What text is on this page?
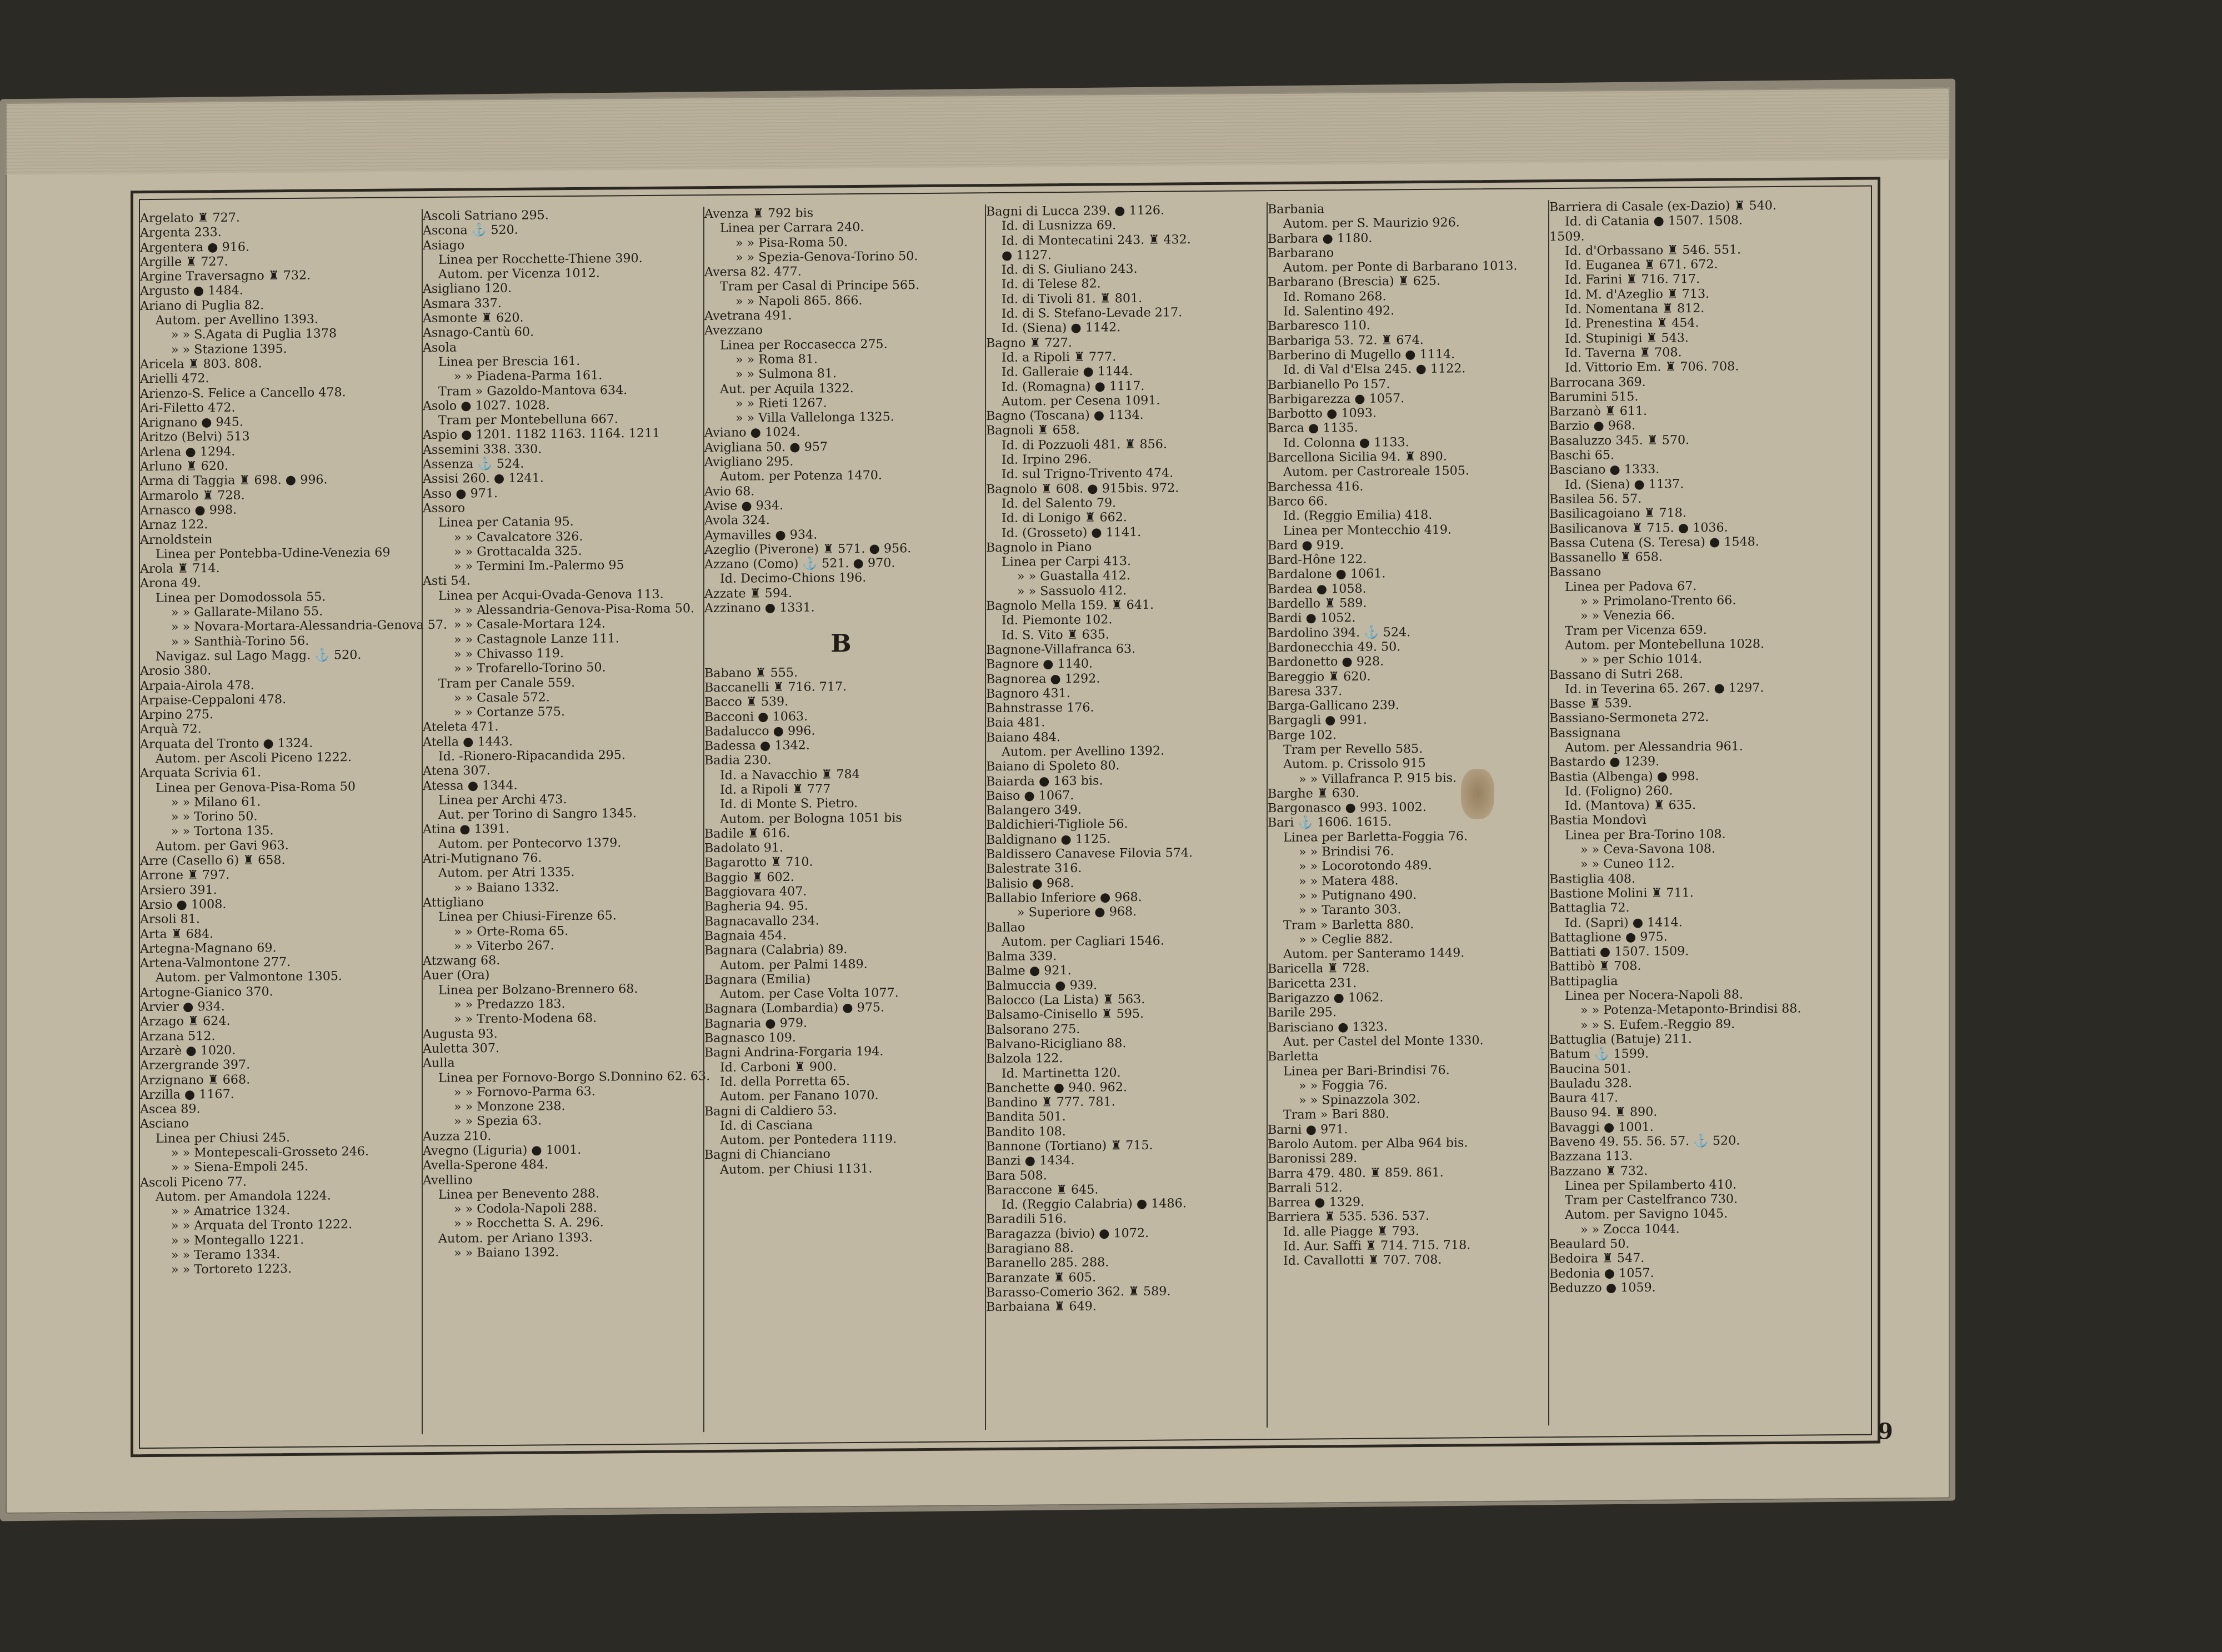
Argelato ♜ 727.
Argenta 233.
Argentera ● 916.
Argille ♜ 727.
Argine Traversagno ♜ 732.
Argusto ● 1484.
Ariano di Puglia 82.
Autom. per Avellino 1393.
» » S.Agata di Puglia 1378
» » Stazione 1395.
Aricela ♜ 803. 808.
Arielli 472.
Arienzo-S. Felice a Cancello 478.
Ari-Filetto 472.
Arignano ● 945.
Aritzo (Belvi) 513
Arlena ● 1294.
Arluno ♜ 620.
Arma di Taggia ♜ 698. ● 996.
Armarolo ♜ 728.
Arnasco ● 998.
Arnaz 122.
Arnoldstein
Linea per Pontebba-Udine-Venezia 69
Arola ♜ 714.
Arona 49.
Linea per Domodossola 55.
» » Gallarate-Milano 55.
» » Novara-Mortara-Alessandria-Genova 57.
» » Santhià-Torino 56.
Navigaz. sul Lago Magg. ⚓ 520.
Arosio 380.
Arpaia-Airola 478.
Arpaise-Ceppaloni 478.
Arpino 275.
Arquà 72.
Arquata del Tronto ● 1324.
Autom. per Ascoli Piceno 1222.
Arquata Scrivia 61.
Linea per Genova-Pisa-Roma 50
» » Milano 61.
» » Torino 50.
» » Tortona 135.
Autom. per Gavi 963.
Arre (Casello 6) ♜ 658.
Arrone ♜ 797.
Arsiero 391.
Arsio ● 1008.
Arsoli 81.
Arta ♜ 684.
Artegna-Magnano 69.
Artena-Valmontone 277.
Autom. per Valmontone 1305.
Artogne-Gianico 370.
Arvier ● 934.
Arzago ♜ 624.
Arzana 512.
Arzarè ● 1020.
Arzergrande 397.
Arzignano ♜ 668.
Arzilla ● 1167.
Ascea 89.
Asciano
Linea per Chiusi 245.
» » Montepescali-Grosseto 246.
» » Siena-Empoli 245.
Ascoli Piceno 77.
Autom. per Amandola 1224.
» » Amatrice 1324.
» » Arquata del Tronto 1222.
» » Montegallo 1221.
» » Teramo 1334.
» » Tortoreto 1223.
Ascoli Satriano 295.
Ascona ⚓ 520.
Asiago
Linea per Rocchette-Thiene 390.
Autom. per Vicenza 1012.
Asigliano 120.
Asmara 337.
Asmonte ♜ 620.
Asnago-Cantù 60.
Asola
Linea per Brescia 161.
» » Piadena-Parma 161.
Tram » Gazoldo-Mantova 634.
Asolo ● 1027. 1028.
Tram per Montebelluna 667.
Aspio ● 1201. 1182 1163. 1164. 1211
Assemini 338. 330.
Assenza ⚓ 524.
Assisi 260. ● 1241.
Asso ● 971.
Assoro
Linea per Catania 95.
» » Cavalcatore 326.
» » Grottacalda 325.
» » Termini Im.-Palermo 95
Asti 54.
Linea per Acqui-Ovada-Genova 113.
» » Alessandria-Genova-Pisa-Roma 50.
» » Casale-Mortara 124.
» » Castagnole Lanze 111.
» » Chivasso 119.
» » Trofarello-Torino 50.
Tram per Canale 559.
» » Casale 572.
» » Cortanze 575.
Ateleta 471.
Atella ● 1443.
Id. -Rionero-Ripacandida 295.
Atena 307.
Atessa ● 1344.
Linea per Archi 473.
Aut. per Torino di Sangro 1345.
Atina ● 1391.
Autom. per Pontecorvo 1379.
Atri-Mutignano 76.
Autom. per Atri 1335.
» » Baiano 1332.
Attigliano
Linea per Chiusi-Firenze 65.
» » Orte-Roma 65.
» » Viterbo 267.
Atzwang 68.
Auer (Ora)
Linea per Bolzano-Brennero 68.
» » Predazzo 183.
» » Trento-Modena 68.
Augusta 93.
Auletta 307.
Aulla
Linea per Fornovo-Borgo S.Donnino 62. 63.
» » Fornovo-Parma 63.
» » Monzone 238.
» » Spezia 63.
Auzza 210.
Avegno (Liguria) ● 1001.
Avella-Sperone 484.
Avellino
Linea per Benevento 288.
» » Codola-Napoli 288.
» » Rocchetta S. A. 296.
Autom. per Ariano 1393.
» » Baiano 1392.
Avenza ♜ 792 bis
Linea per Carrara 240.
» » Pisa-Roma 50.
» » Spezia-Genova-Torino 50.
Aversa 82. 477.
Tram per Casal di Principe 565.
» » Napoli 865. 866.
Avetrana 491.
Avezzano
Linea per Roccasecca 275.
» » Roma 81.
» » Sulmona 81.
Aut. per Aquila 1322.
» » Rieti 1267.
» » Villa Vallelonga 1325.
Aviano ● 1024.
Avigliana 50. ● 957
Avigliano 295.
Autom. per Potenza 1470.
Avio 68.
Avise ● 934.
Avola 324.
Aymavilles ● 934.
Azeglio (Piverone) ♜ 571. ● 956.
Azzano (Como) ⚓ 521. ● 970.
Id. Decimo-Chions 196.
Azzate ♜ 594.
Azzinano ● 1331.
B
Babano ♜ 555.
Baccanelli ♜ 716. 717.
Bacco ♜ 539.
Bacconi ● 1063.
Badalucco ● 996.
Badessa ● 1342.
Badia 230.
Id. a Navacchio ♜ 784
Id. a Ripoli ♜ 777
Id. di Monte S. Pietro.
Autom. per Bologna 1051 bis
Badile ♜ 616.
Badolato 91.
Bagarotto ♜ 710.
Baggio ♜ 602.
Baggiovara 407.
Bagheria 94. 95.
Bagnacavallo 234.
Bagnaia 454.
Bagnara (Calabria) 89.
Autom. per Palmi 1489.
Bagnara (Emilia)
Autom. per Case Volta 1077.
Bagnara (Lombardia) ● 975.
Bagnaria ● 979.
Bagnasco 109.
Bagni Andrina-Forgaria 194.
Id. Carboni ♜ 900.
Id. della Porretta 65.
Autom. per Fanano 1070.
Bagni di Caldiero 53.
Id. di Casciana
Autom. per Pontedera 1119.
Bagni di Chianciano
Autom. per Chiusi 1131.
Bagni di Lucca 239. ● 1126.
Id. di Lusnizza 69.
Id. di Montecatini 243. ♜ 432.
● 1127.
Id. di S. Giuliano 243.
Id. di Telese 82.
Id. di Tivoli 81. ♜ 801.
Id. di S. Stefano-Levade 217.
Id. (Siena) ● 1142.
Bagno ♜ 727.
Id. a Ripoli ♜ 777.
Id. Galleraie ● 1144.
Id. (Romagna) ● 1117.
Autom. per Cesena 1091.
Bagno (Toscana) ● 1134.
Bagnoli ♜ 658.
Id. di Pozzuoli 481. ♜ 856.
Id. Irpino 296.
Id. sul Trigno-Trivento 474.
Bagnolo ♜ 608. ● 915bis. 972.
Id. del Salento 79.
Id. di Lonigo ♜ 662.
Id. (Grosseto) ● 1141.
Bagnolo in Piano
Linea per Carpi 413.
» » Guastalla 412.
» » Sassuolo 412.
Bagnolo Mella 159. ♜ 641.
Id. Piemonte 102.
Id. S. Vito ♜ 635.
Bagnone-Villafranca 63.
Bagnore ● 1140.
Bagnorea ● 1292.
Bagnoro 431.
Bahnstrasse 176.
Baia 481.
Baiano 484.
Autom. per Avellino 1392.
Baiano di Spoleto 80.
Baiarda ● 163 bis.
Baiso ● 1067.
Balangero 349.
Baldichieri-Tigliole 56.
Baldignano ● 1125.
Baldissero Canavese Filovia 574.
Balestrate 316.
Balisio ● 968.
Ballabio Inferiore ● 968.
» Superiore ● 968.
Ballao
Autom. per Cagliari 1546.
Balma 339.
Balme ● 921.
Balmuccia ● 939.
Balocco (La Lista) ♜ 563.
Balsamo-Cinisello ♜ 595.
Balsorano 275.
Balvano-Ricigliano 88.
Balzola 122.
Id. Martinetta 120.
Banchette ● 940. 962.
Bandino ♜ 777. 781.
Bandita 501.
Bandito 108.
Bannone (Tortiano) ♜ 715.
Banzi ● 1434.
Bara 508.
Baraccone ♜ 645.
Id. (Reggio Calabria) ● 1486.
Baradili 516.
Baragazza (bivio) ● 1072.
Baragiano 88.
Baranello 285. 288.
Baranzate ♜ 605.
Barasso-Comerio 362. ♜ 589.
Barbaiana ♜ 649.
Barbania
Autom. per S. Maurizio 926.
Barbara ● 1180.
Barbarano
Autom. per Ponte di Barbarano 1013.
Barbarano (Brescia) ♜ 625.
Id. Romano 268.
Id. Salentino 492.
Barbaresco 110.
Barbariga 53. 72. ♜ 674.
Barberino di Mugello ● 1114.
Id. di Val d'Elsa 245. ● 1122.
Barbianello Po 157.
Barbigarezza ● 1057.
Barbotto ● 1093.
Barca ● 1135.
Id. Colonna ● 1133.
Barcellona Sicilia 94. ♜ 890.
Autom. per Castroreale 1505.
Barchessa 416.
Barco 66.
Id. (Reggio Emilia) 418.
Linea per Montecchio 419.
Bard ● 919.
Bard-Hône 122.
Bardalone ● 1061.
Bardea ● 1058.
Bardello ♜ 589.
Bardi ● 1052.
Bardolino 394. ⚓ 524.
Bardonecchia 49. 50.
Bardonetto ● 928.
Bareggio ♜ 620.
Baresa 337.
Barga-Gallicano 239.
Bargagli ● 991.
Barge 102.
Tram per Revello 585.
Autom. p. Crissolo 915
» » Villafranca P. 915 bis.
Barghe ♜ 630.
Bargonasco ● 993. 1002.
Bari ⚓ 1606. 1615.
Linea per Barletta-Foggia 76.
» » Brindisi 76.
» » Locorotondo 489.
» » Matera 488.
» » Putignano 490.
» » Taranto 303.
Tram » Barletta 880.
» » Ceglie 882.
Autom. per Santeramo 1449.
Baricella ♜ 728.
Baricetta 231.
Barigazzo ● 1062.
Barile 295.
Barisciano ● 1323.
Aut. per Castel del Monte 1330.
Barletta
Linea per Bari-Brindisi 76.
» » Foggia 76.
» » Spinazzola 302.
Tram » Bari 880.
Barni ● 971.
Barolo Autom. per Alba 964 bis.
Baronissi 289.
Barra 479. 480. ♜ 859. 861.
Barrali 512.
Barrea ● 1329.
Barriera ♜ 535. 536. 537.
Id. alle Piagge ♜ 793.
Id. Aur. Saffi ♜ 714. 715. 718.
Id. Cavallotti ♜ 707. 708.
Barriera di Casale (ex-Dazio) ♜ 540.
Id. di Catania ● 1507. 1508.
1509.
Id. d'Orbassano ♜ 546. 551.
Id. Euganea ♜ 671. 672.
Id. Farini ♜ 716. 717.
Id. M. d'Azeglio ♜ 713.
Id. Nomentana ♜ 812.
Id. Prenestina ♜ 454.
Id. Stupinigi ♜ 543.
Id. Taverna ♜ 708.
Id. Vittorio Em. ♜ 706. 708.
Barrocana 369.
Barumini 515.
Barzanò ♜ 611.
Barzio ● 968.
Basaluzzo 345. ♜ 570.
Baschi 65.
Basciano ● 1333.
Id. (Siena) ● 1137.
Basilea 56. 57.
Basilicagoiano ♜ 718.
Basilicanova ♜ 715. ● 1036.
Bassa Cutena (S. Teresa) ● 1548.
Bassanello ♜ 658.
Bassano
Linea per Padova 67.
» » Primolano-Trento 66.
» » Venezia 66.
Tram per Vicenza 659.
Autom. per Montebelluna 1028.
» » per Schio 1014.
Bassano di Sutri 268.
Id. in Teverina 65. 267. ● 1297.
Basse ♜ 539.
Bassiano-Sermoneta 272.
Bassignana
Autom. per Alessandria 961.
Bastardo ● 1239.
Bastia (Albenga) ● 998.
Id. (Foligno) 260.
Id. (Mantova) ♜ 635.
Bastia Mondovì
Linea per Bra-Torino 108.
» » Ceva-Savona 108.
» » Cuneo 112.
Bastiglia 408.
Bastione Molini ♜ 711.
Battaglia 72.
Id. (Sapri) ● 1414.
Battaglione ● 975.
Battiati ● 1507. 1509.
Battibò ♜ 708.
Battipaglia
Linea per Nocera-Napoli 88.
» » Potenza-Metaponto-Brindisi 88.
» » S. Eufem.-Reggio 89.
Battuglia (Batuje) 211.
Batum ⚓ 1599.
Baucina 501.
Bauladu 328.
Baura 417.
Bauso 94. ♜ 890.
Bavaggi ● 1001.
Baveno 49. 55. 56. 57. ⚓ 520.
Bazzana 113.
Bazzano ♜ 732.
Linea per Spilamberto 410.
Tram per Castelfranco 730.
Autom. per Savigno 1045.
» » Zocca 1044.
Beaulard 50.
Bedoira ♜ 547.
Bedonia ● 1057.
Beduzzo ● 1059.
9
